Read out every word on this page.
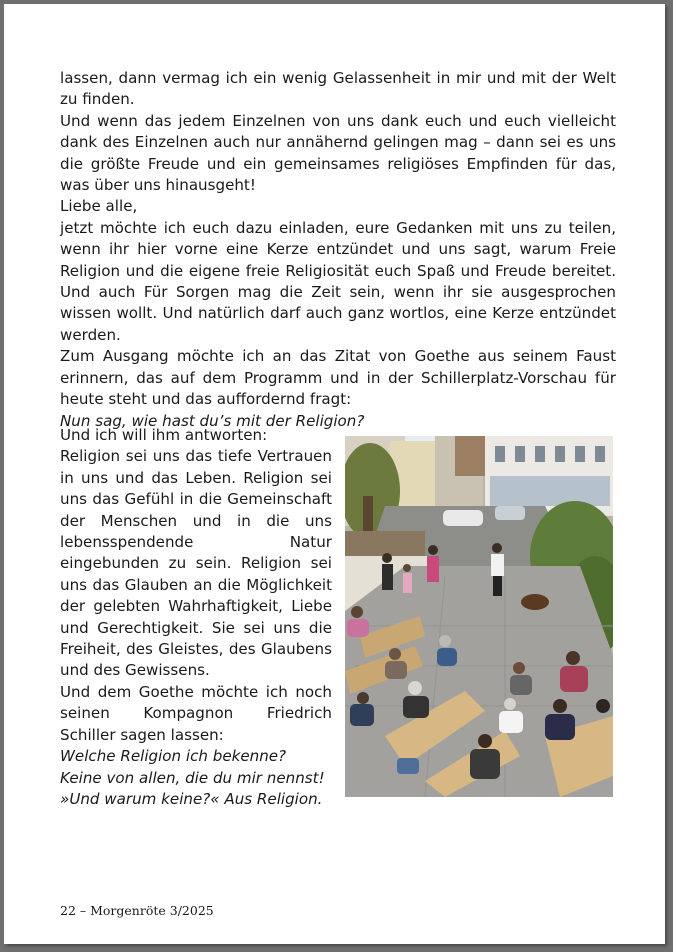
lassen, dann vermag ich ein wenig Gelassenheit in mir und mit der Welt zu finden.

Und wenn das jedem Einzelnen von uns dank euch und euch vielleicht dank des Einzelnen auch nur annähernd gelingen mag – dann sei es uns die größte Freude und ein gemeinsames religiöses Empfinden für das, was über uns hinausgeht!

Liebe alle,

jetzt möchte ich euch dazu einladen, eure Gedanken mit uns zu teilen, wenn ihr hier vorne eine Kerze entzündet und uns sagt, warum Freie Religion und die eigene freie Religiosität euch Spaß und Freude bereitet. Und auch Für Sorgen mag die Zeit sein, wenn ihr sie ausgesprochen wissen wollt. Und natürlich darf auch ganz wortlos, eine Kerze entzündet werden.

Zum Ausgang möchte ich an das Zitat von Goethe aus seinem Faust erinnern, das auf dem Programm und in der Schillerplatz-Vorschau für heute steht und das auffordernd fragt:

Nun sag, wie hast du’s mit der Religion?

Und ich will ihm antworten:

Religion sei uns das tiefe Vertrauen in uns und das Leben. Religion sei uns das Gefühl in die Gemeinschaft der Menschen und in die uns lebensspendende Natur eingebunden zu sein. Religion sei uns das Glauben an die Möglichkeit der gelebten Wahrhaftigkeit, Liebe und Gerechtigkeit. Sie sei uns die Freiheit, des Gleistes, des Glaubens und des Gewissens.

Und dem Goethe möchte ich noch seinen Kompagnon Friedrich Schiller sagen lassen:

Welche Religion ich bekenne?

Keine von allen, die du mir nennst!

»Und warum keine?« Aus Religion.

22 – Morgenröte 3/2025
